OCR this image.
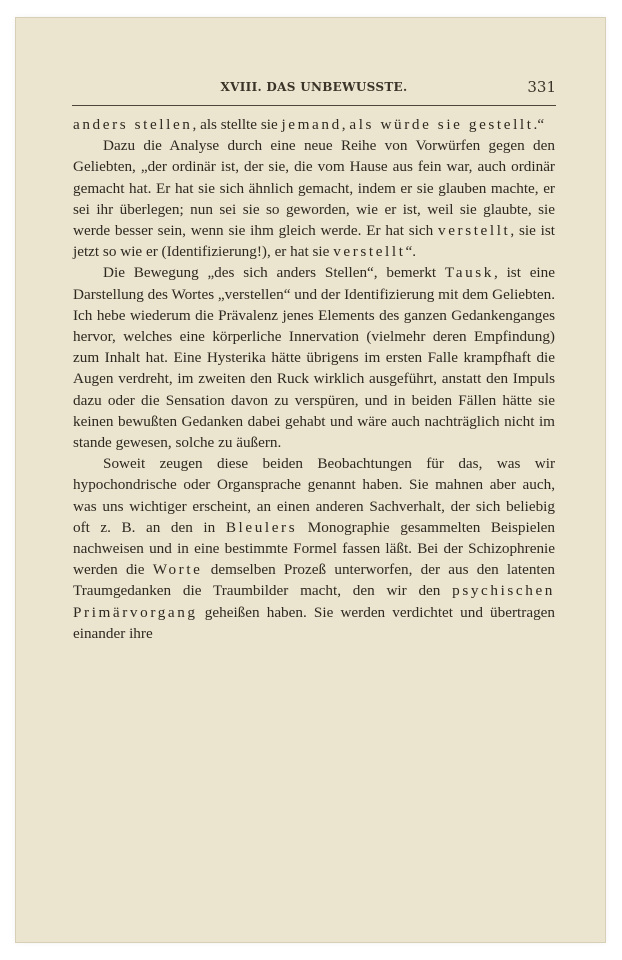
XVIII. DAS UNBEWUSSTE.	331

anders stellen, als stellte sie jemand, als würde sie gestellt.“

Dazu die Analyse durch eine neue Reihe von Vorwürfen gegen den Geliebten, „der ordinär ist, der sie, die vom Hause aus fein war, auch ordinär gemacht hat. Er hat sie sich ähnlich gemacht, indem er sie glauben machte, er sei ihr überlegen; nun sei sie so geworden, wie er ist, weil sie glaubte, sie werde besser sein, wenn sie ihm gleich werde. Er hat sich verstellt, sie ist jetzt so wie er (Identifizierung!), er hat sie verstellt“.

Die Bewegung „des sich anders Stellen“, bemerkt Tausk, ist eine Darstellung des Wortes „verstellen“ und der Identifizierung mit dem Geliebten. Ich hebe wiederum die Prävalenz jenes Elements des ganzen Gedankenganges hervor, welches eine körperliche Innervation (vielmehr deren Empfindung) zum Inhalt hat. Eine Hysterika hätte übrigens im ersten Falle krampfhaft die Augen verdreht, im zweiten den Ruck wirklich ausgeführt, anstatt den Impuls dazu oder die Sensation davon zu verspüren, und in beiden Fällen hätte sie keinen bewußten Gedanken dabei gehabt und wäre auch nachträglich nicht im stande gewesen, solche zu äußern.

Soweit zeugen diese beiden Beobachtungen für das, was wir hypochondrische oder Organsprache genannt haben. Sie mahnen aber auch, was uns wichtiger erscheint, an einen anderen Sachverhalt, der sich beliebig oft z. B. an den in Bleulers Monographie gesammelten Beispielen nachweisen und in eine bestimmte Formel fassen läßt. Bei der Schizophrenie werden die Worte demselben Prozeß unterworfen, der aus den latenten Traumgedanken die Traumbilder macht, den wir den psychischen Primärvorgang geheißen haben. Sie werden verdichtet und übertragen einander ihre
